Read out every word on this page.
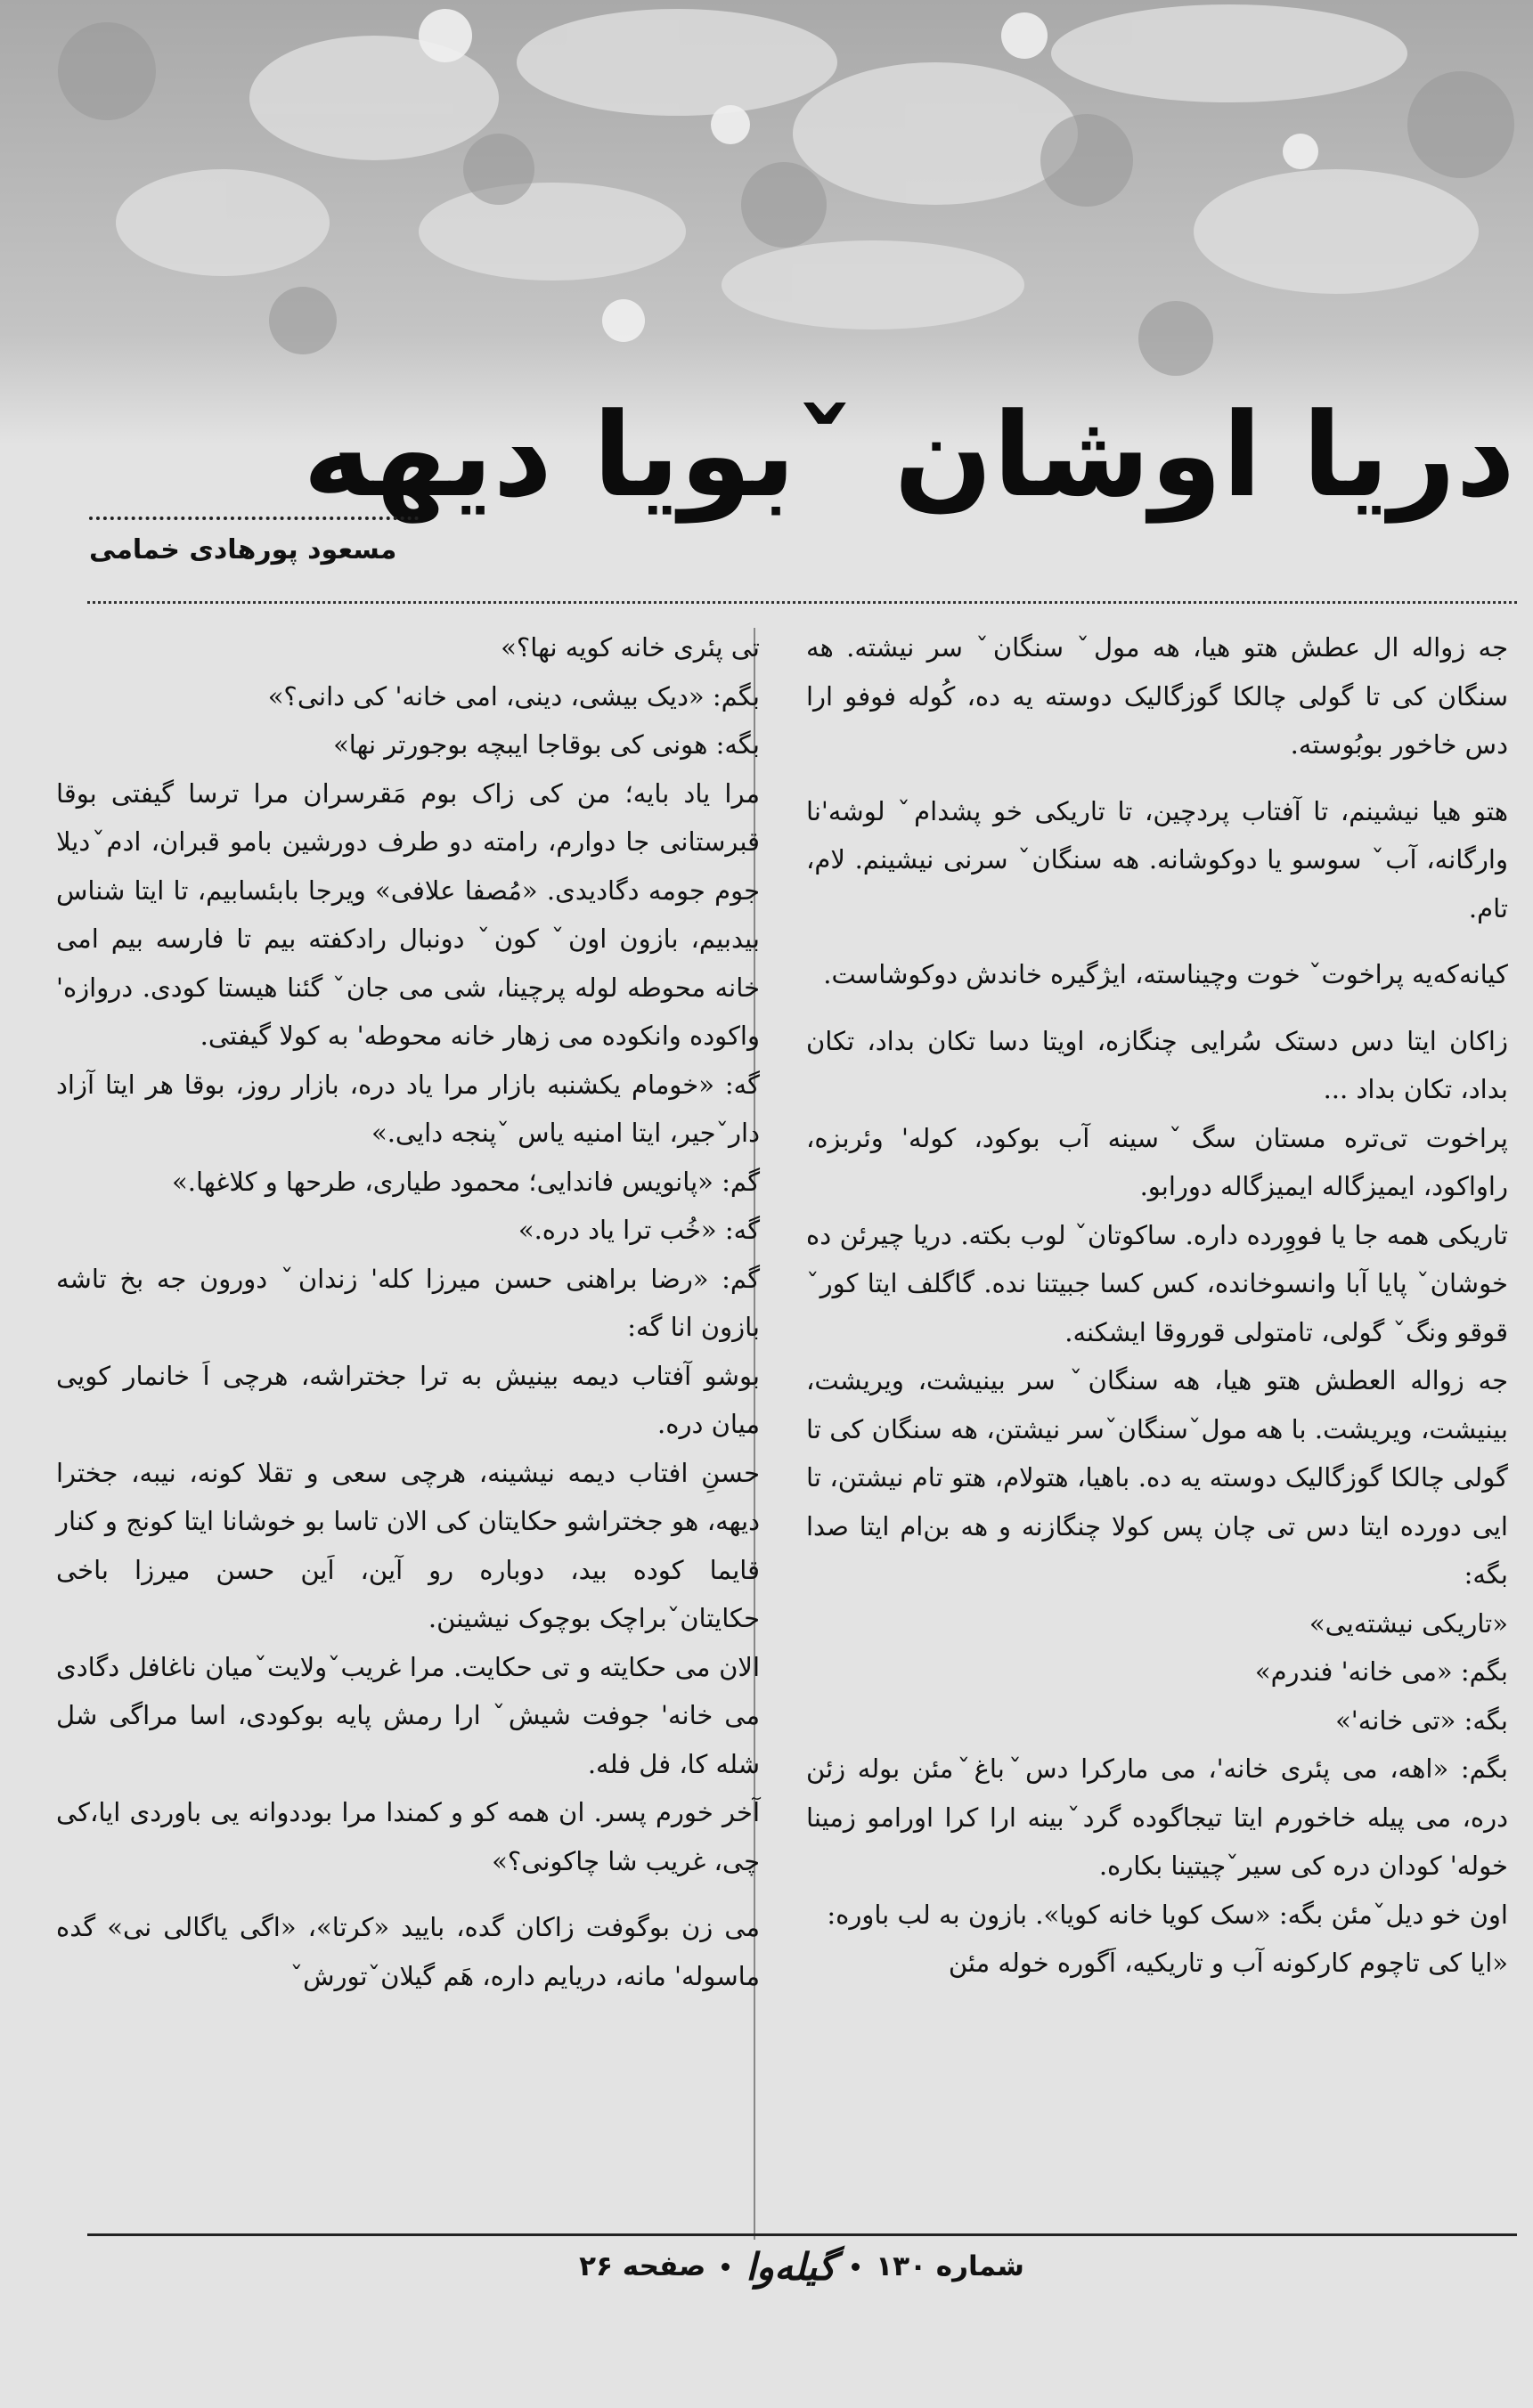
دریا اوشان ˇبویا دیهه
مسعود پورهادی خمامی

جه زواله ال عطش هتو هیا، هه مولˇ سنگانˇ سر نیشته. هه سنگان کی تا گولی چالکا گوزگالیک دوسته یه ده، کُوله فوفو ارا دس خاخور بوبُوسته.

هتو هیا نیشینم، تا آفتاب پردچین، تا تاریکی خو پشدامˇ لوشه'نا وارگانه، آبˇ سوسو یا دوکوشانه. هه سنگانˇ سرنی نیشینم. لام، تام.

کیانه‌که‌یه پراخوتˇ خوت وچیناسته، ایژگیره خاندش دوکوشاست.

زاکان ایتا دس دستک سُرایی چنگازه، اویتا دسا تکان بداد، تکان بداد، تکان بداد ...

پراخوت تی‌تره مستان سگˇسینه آب بوکود، کوله' وئربزه، راواکود، ایمیزگاله ایمیزگاله دورابو.

تاریکی همه جا یا فووِرده داره. ساکوتانˇ لوب بکته. دریا چیرئن ده خوشانˇ پایا آبا وانسوخانده، کس کسا جبیتنا نده. گاگلف ایتا کورˇ قوقو ونگˇ گولی، تامتولی قوروقا ایشکنه.

جه زواله العطش هتو هیا، هه سنگانˇ سر بینیشت، ویریشت، بینیشت، ویریشت. با هه مولˇسنگانˇسر نیشتن، هه سنگان کی تا گولی چالکا گوزگالیک دوسته یه ده. باهیا، هتولام، هتو تام نیشتن، تا ایی دورده ایتا دس تی چان پس کولا چنگازنه و هه بن‌ام ایتا صدا بگه:

«تاریکی نیشته‌یی»

بگم: «می خانه' فندرم»

بگه: «تی خانه'»

بگم: «اهه، می پئری خانه'، می مارکرا دسˇباغˇمئن بوله زئن دره، می پیله خاخورم ایتا تیجاگوده گردˇبینه ارا کرا اورامو زمینا خوله' کودان دره کی سیرˇچیتینا بکاره.

اون خو دیلˇمئن بگه: «سک کویا خانه کویا». بازون به لب باوره:

«ایا کی تاچوم کارکونه آب و تاریکیه، اَگوره خوله مئن

تی پئری خانه کویه نها؟»

بگم: «دیک بیشی، دینی، امی خانه' کی دانی؟»

بگه: هونی کی بوقاجا ایبچه بوجورتر نها»

مرا یاد بایه؛ من کی زاک بوم مَقرسران مرا ترسا گیفتی بوقا قبرستانی جا دوارم، رامته دو طرف دورشین بامو قبران، ادمˇدیلا جوم جومه دگادیدی. «مُصفا علافی» ویرجا بابئسابیم، تا ایتا شناس بیدبیم، بازون اونˇ کونˇ دونبال رادکفته بیم تا فارسه بیم امی خانه محوطه لوله پرچینا، شی می جانˇ گئنا هیستا کودی. دروازه' واکوده وانکوده می زهار خانه محوطه' به کولا گیفتی.

گه: «خومام یکشنبه بازار مرا یاد دره، بازار روز، بوقا هر ایتا آزاد دارˇجیر، ایتا امنیه یاس ˇپنجه دایی.»

گم: «پانویس فاندایی؛ محمود طیاری، طرحها و کلاغها.»

گه: «خُب ترا یاد دره.»

گم: «رضا براهنی حسن میرزا کله' زندانˇ دورون جه بخ تاشه بازون انا گه:

بوشو آفتاب دیمه بینیش به ترا جختراشه، هرچی اَ خانمار کویی میان دره.

حسنِ افتاب دیمه نیشینه، هرچی سعی و تقلا کونه، نیبه، جخترا دیهه، هو جختراشو حکایتان کی الان تاسا بو خوشانا ایتا کونج و کنار قایما کوده بید، دوباره رو آین، اَین حسن میرزا باخی حکایتانˇبراچک بوچوک نیشینن.

الان می حکایته و تی حکایت. مرا غریبˇولایتˇمیان ناغافل دگادی می خانه' جوفت شیشˇ ارا رمش پایه بوکودی، اسا مراگی شل شله کا، فل فله.

آخر خورم پسر. ان همه کو و کمندا مرا بوددوانه یی باوردی ایا،کی چی، غریب شا چاکونی؟»

می زن بوگوفت زاکان گده، بایید «کرتا»، «اگی یاگالی نی» گده ماسوله' مانه، دریایم داره، هَم گیلانˇتورشˇ

شماره ۱۳۰
گیله‌وا
صفحه ۲۶
